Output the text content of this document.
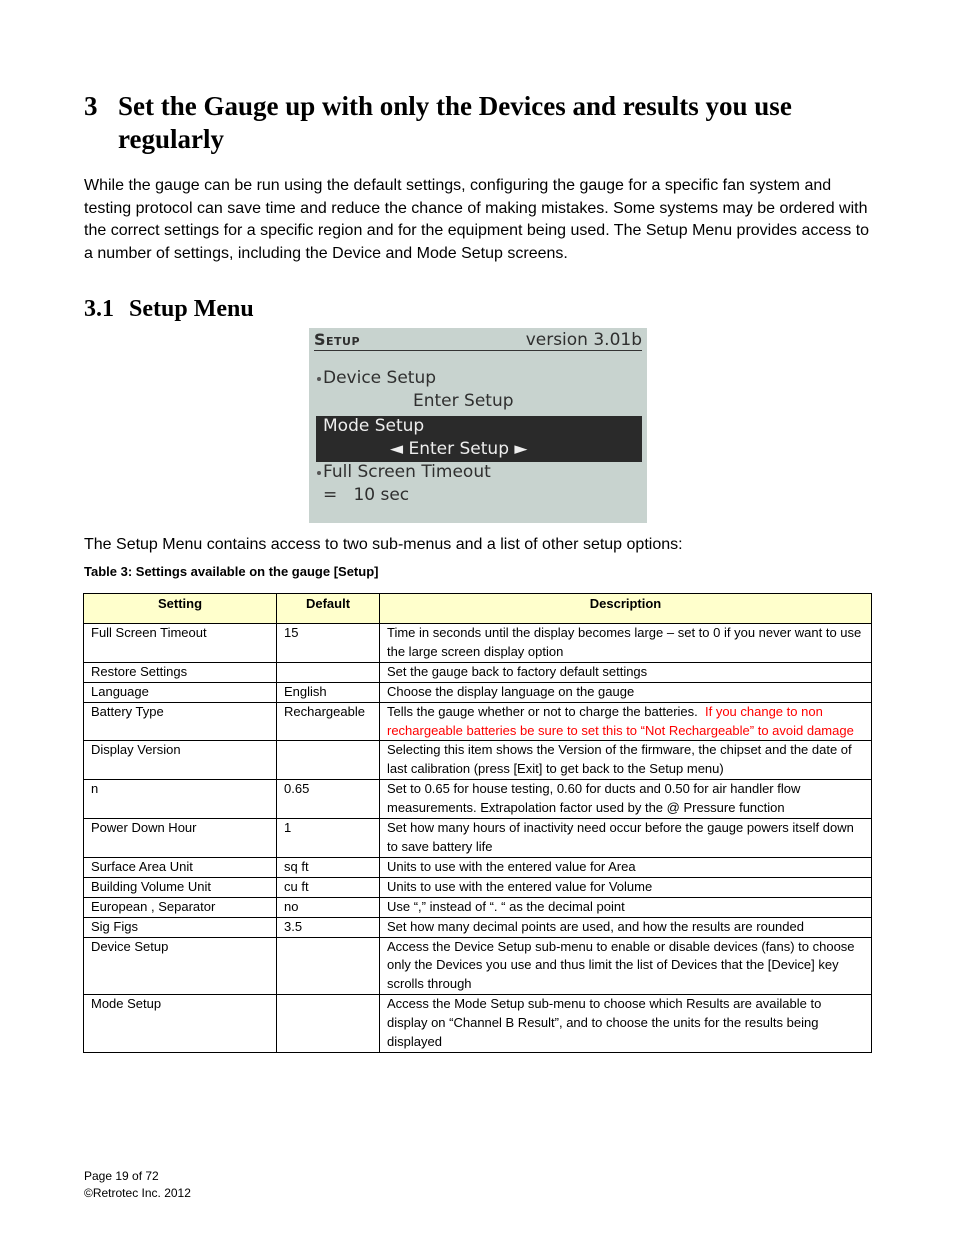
3 Set the Gauge up with only the Devices and results you use regularly
While the gauge can be run using the default settings, configuring the gauge for a specific fan system and testing protocol can save time and reduce the chance of making mistakes. Some systems may be ordered with the correct settings for a specific region and for the equipment being used. The Setup Menu provides access to a number of settings, including the Device and Mode Setup screens.
3.1 Setup Menu
Setup	version 3.01b
Device Setup
Enter Setup
Mode Setup
◄ Enter Setup ►
Full Screen Timeout
=   10 sec
The Setup Menu contains access to two sub-menus and a list of other setup options:
Table 3: Settings available on the gauge [Setup]
Setting	Default	Description
Full Screen Timeout	15	Time in seconds until the display becomes large – set to 0 if you never want to use the large screen display option
Restore Settings		Set the gauge back to factory default settings
Language	English	Choose the display language on the gauge
Battery Type	Rechargeable	Tells the gauge whether or not to charge the batteries.  If you change to non rechargeable batteries be sure to set this to “Not Rechargeable” to avoid damage
Display Version		Selecting this item shows the Version of the firmware, the chipset and the date of last calibration (press [Exit] to get back to the Setup menu)
n	0.65	Set to 0.65 for house testing, 0.60 for ducts and 0.50 for air handler flow measurements. Extrapolation factor used by the @ Pressure function
Power Down Hour	1	Set how many hours of inactivity need occur before the gauge powers itself down to save battery life
Surface Area Unit	sq ft	Units to use with the entered value for Area
Building Volume Unit	cu ft	Units to use with the entered value for Volume
European , Separator	no	Use “,” instead of “. “ as the decimal point
Sig Figs	3.5	Set how many decimal points are used, and how the results are rounded
Device Setup		Access the Device Setup sub-menu to enable or disable devices (fans) to choose only the Devices you use and thus limit the list of Devices that the [Device] key scrolls through
Mode Setup		Access the Mode Setup sub-menu to choose which Results are available to display on “Channel B Result”, and to choose the units for the results being displayed
Page 19 of 72
©Retrotec Inc. 2012
